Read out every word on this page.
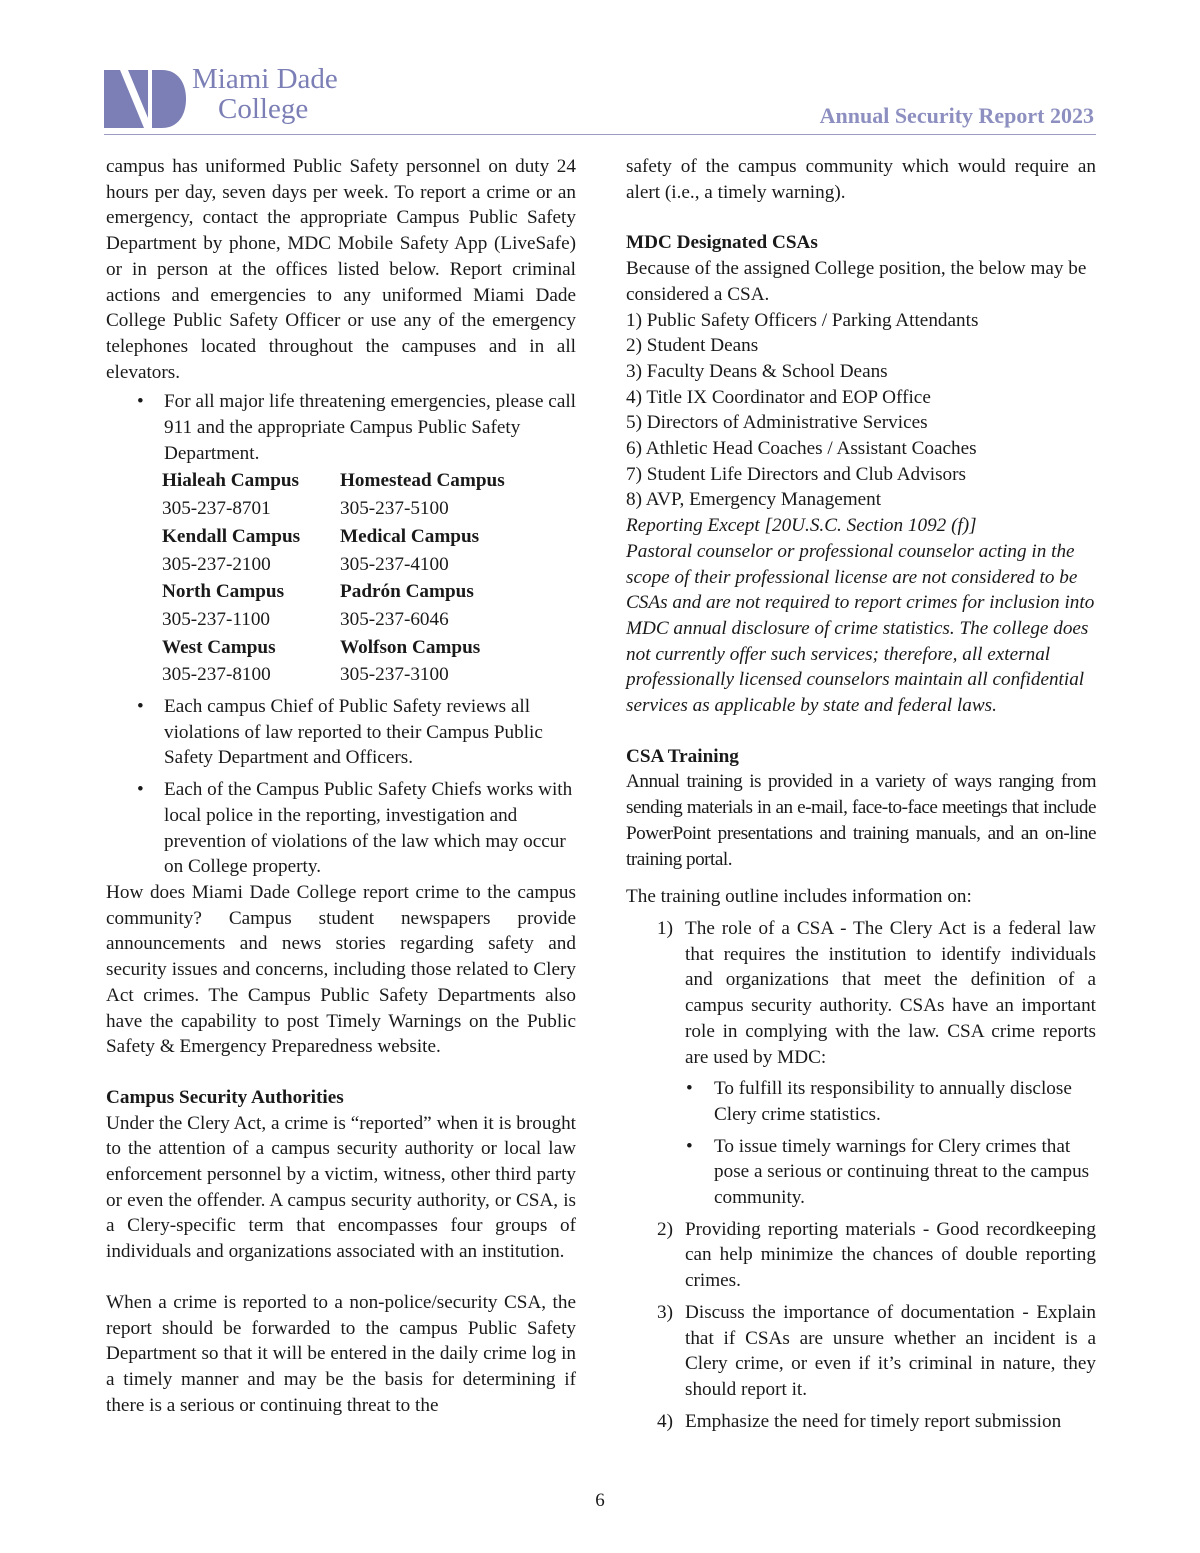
Miami Dade
College	Annual Security Report 2023

campus has uniformed Public Safety personnel on duty 24 hours per day, seven days per week. To report a crime or an emergency, contact the appropriate Campus Public Safety Department by phone, MDC Mobile Safety App (LiveSafe) or in person at the offices listed below. Report criminal actions and emergencies to any uniformed Miami Dade College Public Safety Officer or use any of the emergency telephones located throughout the campuses and in all elevators.

• For all major life threatening emergencies, please call 911 and the appropriate Campus Public Safety Department.
Hialeah Campus	Homestead Campus
305-237-8701	305-237-5100
Kendall Campus	Medical Campus
305-237-2100	305-237-4100
North Campus	Padrón Campus
305-237-1100	305-237-6046
West Campus	Wolfson Campus
305-237-8100	305-237-3100
• Each campus Chief of Public Safety reviews all violations of law reported to their Campus Public Safety Department and Officers.
• Each of the Campus Public Safety Chiefs works with local police in the reporting, investigation and prevention of violations of the law which may occur on College property.

How does Miami Dade College report crime to the campus community? Campus student newspapers provide announcements and news stories regarding safety and security issues and concerns, including those related to Clery Act crimes. The Campus Public Safety Departments also have the capability to post Timely Warnings on the Public Safety & Emergency Preparedness website.

Campus Security Authorities

Under the Clery Act, a crime is “reported” when it is brought to the attention of a campus security authority or local law enforcement personnel by a victim, witness, other third party or even the offender. A campus security authority, or CSA, is a Clery-specific term that encompasses four groups of individuals and organizations associated with an institution.

When a crime is reported to a non-police/security CSA, the report should be forwarded to the campus Public Safety Department so that it will be entered in the daily crime log in a timely manner and may be the basis for determining if there is a serious or continuing threat to the

safety of the campus community which would require an alert (i.e., a timely warning).

MDC Designated CSAs

Because of the assigned College position, the below may be considered a CSA.

1) Public Safety Officers / Parking Attendants

2) Student Deans

3) Faculty Deans & School Deans

4) Title IX Coordinator and EOP Office

5) Directors of Administrative Services

6) Athletic Head Coaches / Assistant Coaches

7) Student Life Directors and Club Advisors

8) AVP, Emergency Management

Reporting Except [20U.S.C. Section 1092 (f)]

Pastoral counselor or professional counselor acting in the scope of their professional license are not considered to be CSAs and are not required to report crimes for inclusion into MDC annual disclosure of crime statistics. The college does not currently offer such services; therefore, all external professionally licensed counselors maintain all confidential services as applicable by state and federal laws.

CSA Training

Annual training is provided in a variety of ways ranging from sending materials in an e-mail, face-to-face meetings that include PowerPoint presentations and training manuals, and an on-line training portal.

The training outline includes information on:

1) The role of a CSA - The Clery Act is a federal law that requires the institution to identify individuals and organizations that meet the definition of a campus security authority. CSAs have an important role in complying with the law. CSA crime reports are used by MDC:
• To fulfill its responsibility to annually disclose Clery crime statistics.
• To issue timely warnings for Clery crimes that pose a serious or continuing threat to the campus community.
2) Providing reporting materials - Good recordkeeping can help minimize the chances of double reporting crimes.
3) Discuss the importance of documentation - Explain that if CSAs are unsure whether an incident is a Clery crime, or even if it’s criminal in nature, they should report it.
4) Emphasize the need for timely report submission
6
